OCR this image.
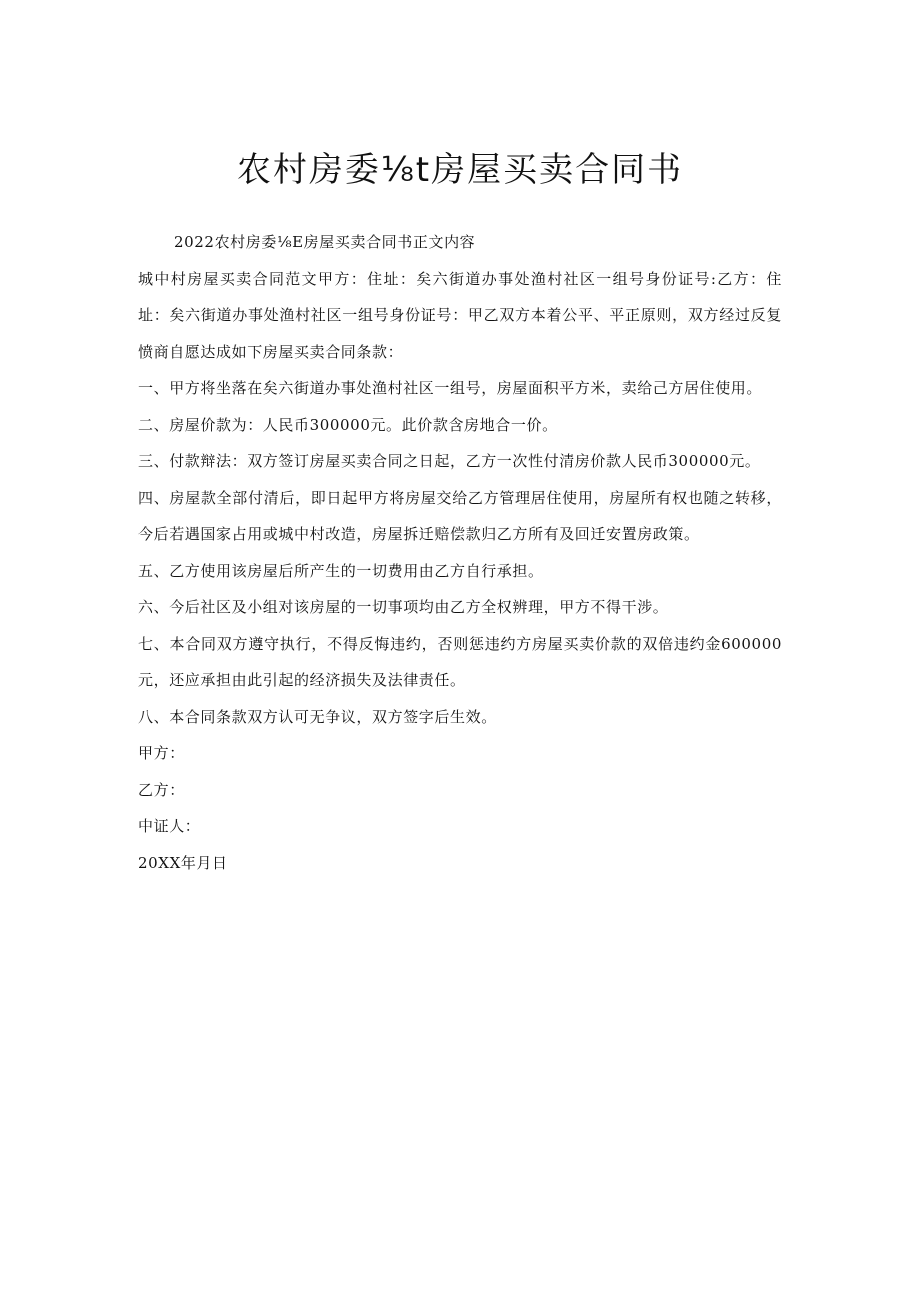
农村房委⅛t房屋买卖合同书

2022农村房委⅛E房屋买卖合同书正文内容

城中村房屋买卖合同范文甲方：住址：矣六街道办事处渔村社区一组号身份证号:乙方：住址：矣六街道办事处渔村社区一组号身份证号：甲乙双方本着公平、平正原则，双方经过反复愤商自愿达成如下房屋买卖合同条款：

一、甲方将坐落在矣六街道办事处渔村社区一组号，房屋面积平方米，卖给己方居住使用。

二、房屋价款为：人民币300000元。此价款含房地合一价。

三、付款辩法：双方签订房屋买卖合同之日起，乙方一次性付清房价款人民币300000元。

四、房屋款全部付清后，即日起甲方将房屋交给乙方管理居住使用，房屋所有权也随之转移，今后若遇国家占用或城中村改造，房屋拆迁赔偿款归乙方所有及回迁安置房政策。

五、乙方使用该房屋后所产生的一切费用由乙方自行承担。

六、今后社区及小组对该房屋的一切事项均由乙方全权辨理，甲方不得干涉。

七、本合同双方遵守执行，不得反悔违约，否则惩违约方房屋买卖价款的双倍违约金600000元，还应承担由此引起的经济损失及法律责任。

八、本合同条款双方认可无争议，双方签字后生效。

甲方：

乙方：

中证人：

20XX年月日
